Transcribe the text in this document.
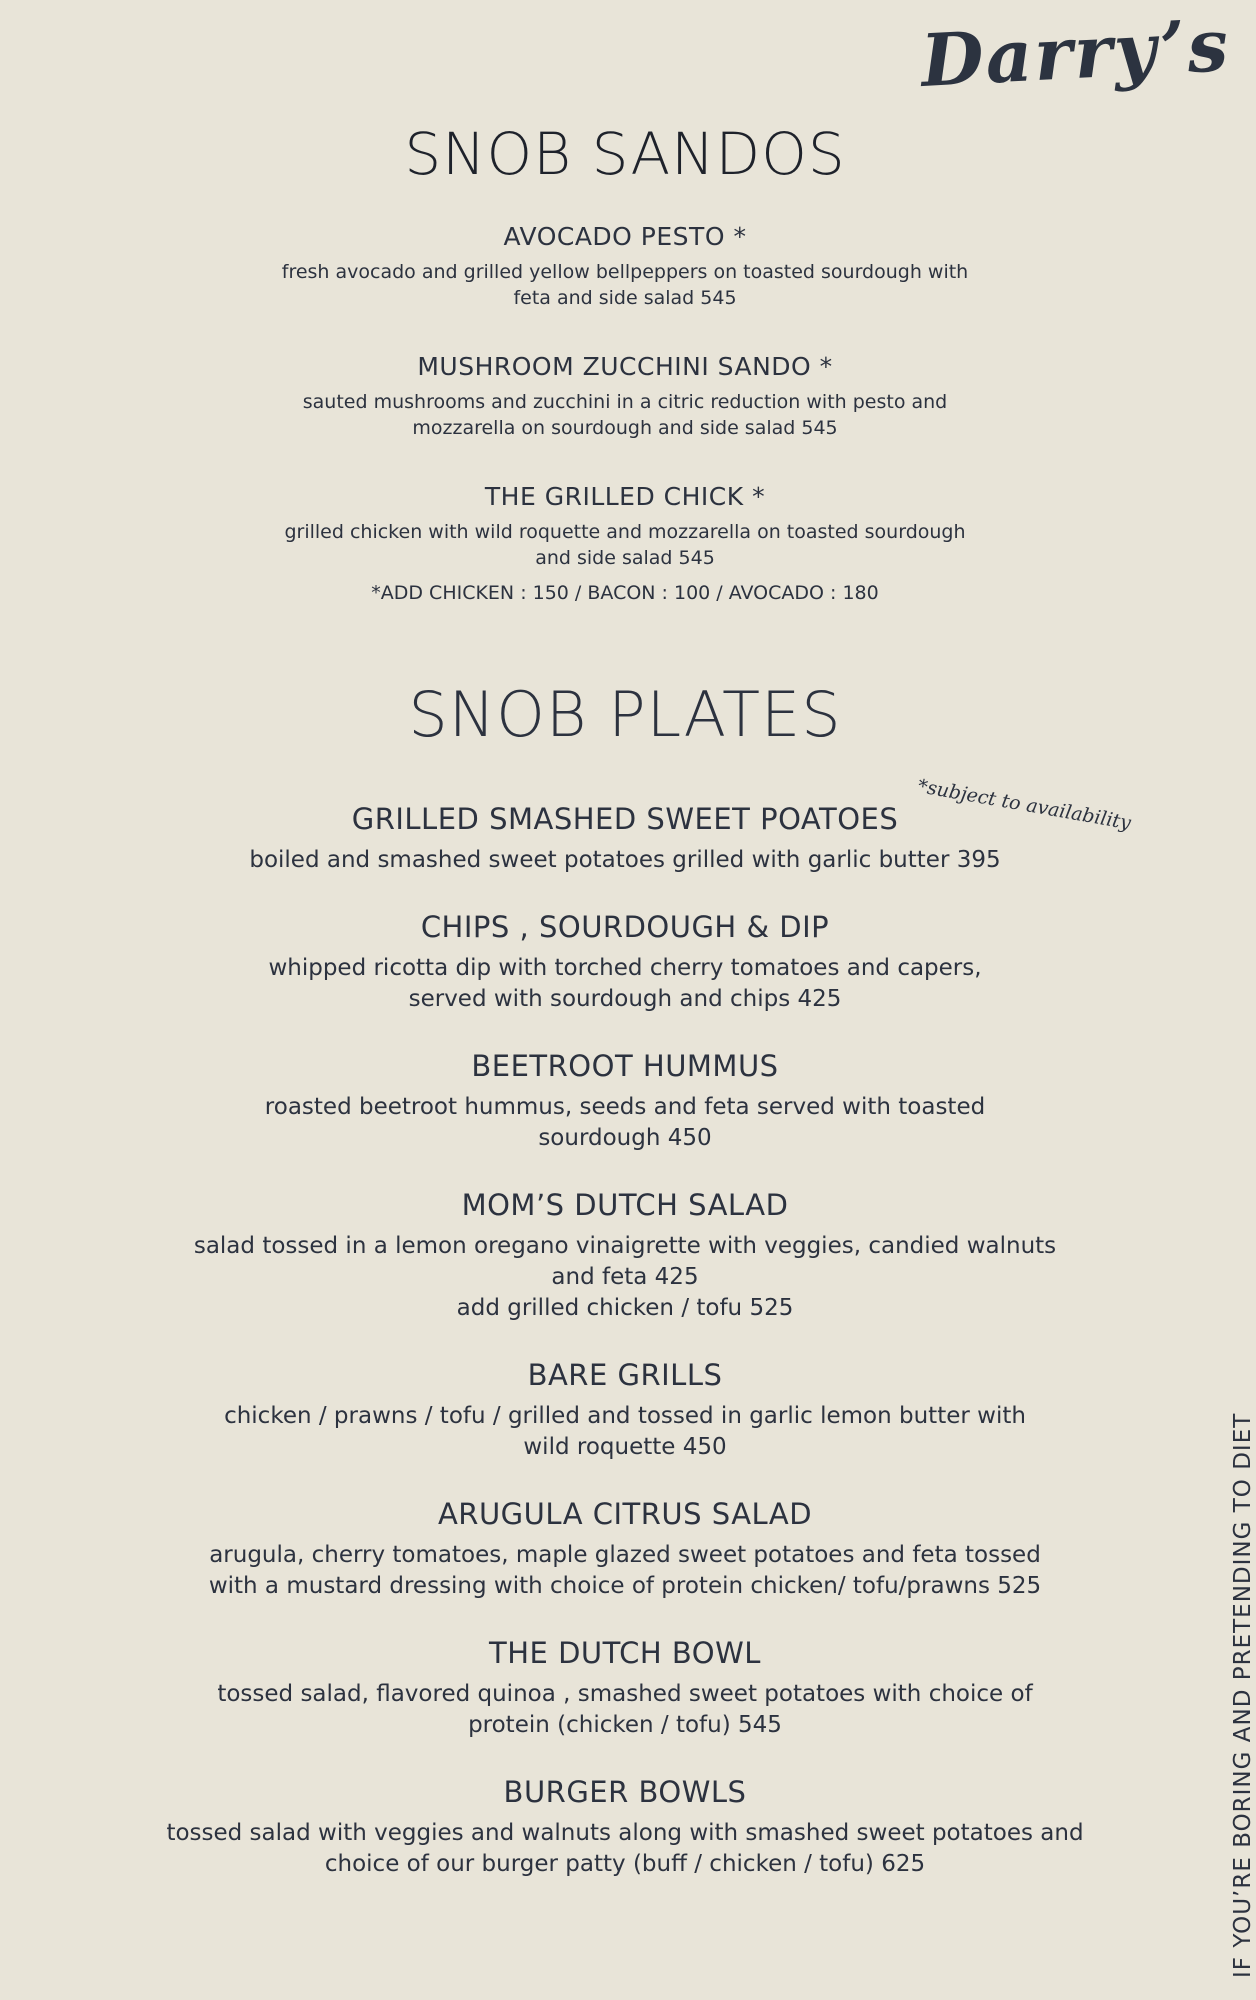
Darry’s
SNOB SANDOS
AVOCADO PESTO *

fresh avocado and grilled yellow bellpeppers on toasted sourdough with

feta and side salad 545

MUSHROOM ZUCCHINI SANDO *

sauted mushrooms and zucchini in a citric reduction with pesto and

mozzarella on sourdough and side salad 545

THE GRILLED CHICK *

grilled chicken with wild roquette and mozzarella on toasted sourdough

and side salad 545

*ADD CHICKEN : 150 / BACON : 100 / AVOCADO : 180
SNOB PLATES
*subject to availability
GRILLED SMASHED SWEET POATOES

boiled and smashed sweet potatoes grilled with garlic butter 395

CHIPS , SOURDOUGH & DIP

whipped ricotta dip with torched cherry tomatoes and capers,

served with sourdough and chips 425

BEETROOT HUMMUS

roasted beetroot hummus, seeds and feta served with toasted

sourdough 450

MOM’S DUTCH SALAD

salad tossed in a lemon oregano vinaigrette with veggies, candied walnuts

and feta 425

add grilled chicken / tofu 525

BARE GRILLS

chicken / prawns / tofu / grilled and tossed in garlic lemon butter with

wild roquette 450

ARUGULA CITRUS SALAD

arugula, cherry tomatoes, maple glazed sweet potatoes and feta tossed

with a mustard dressing with choice of protein chicken/ tofu/prawns 525

THE DUTCH BOWL

tossed salad, flavored quinoa , smashed sweet potatoes with choice of

protein (chicken / tofu) 545

BURGER BOWLS

tossed salad with veggies and walnuts along with smashed sweet potatoes and

choice of our burger patty (buff / chicken / tofu) 625	IF YOU’RE BORING AND PRETENDING TO DIET
